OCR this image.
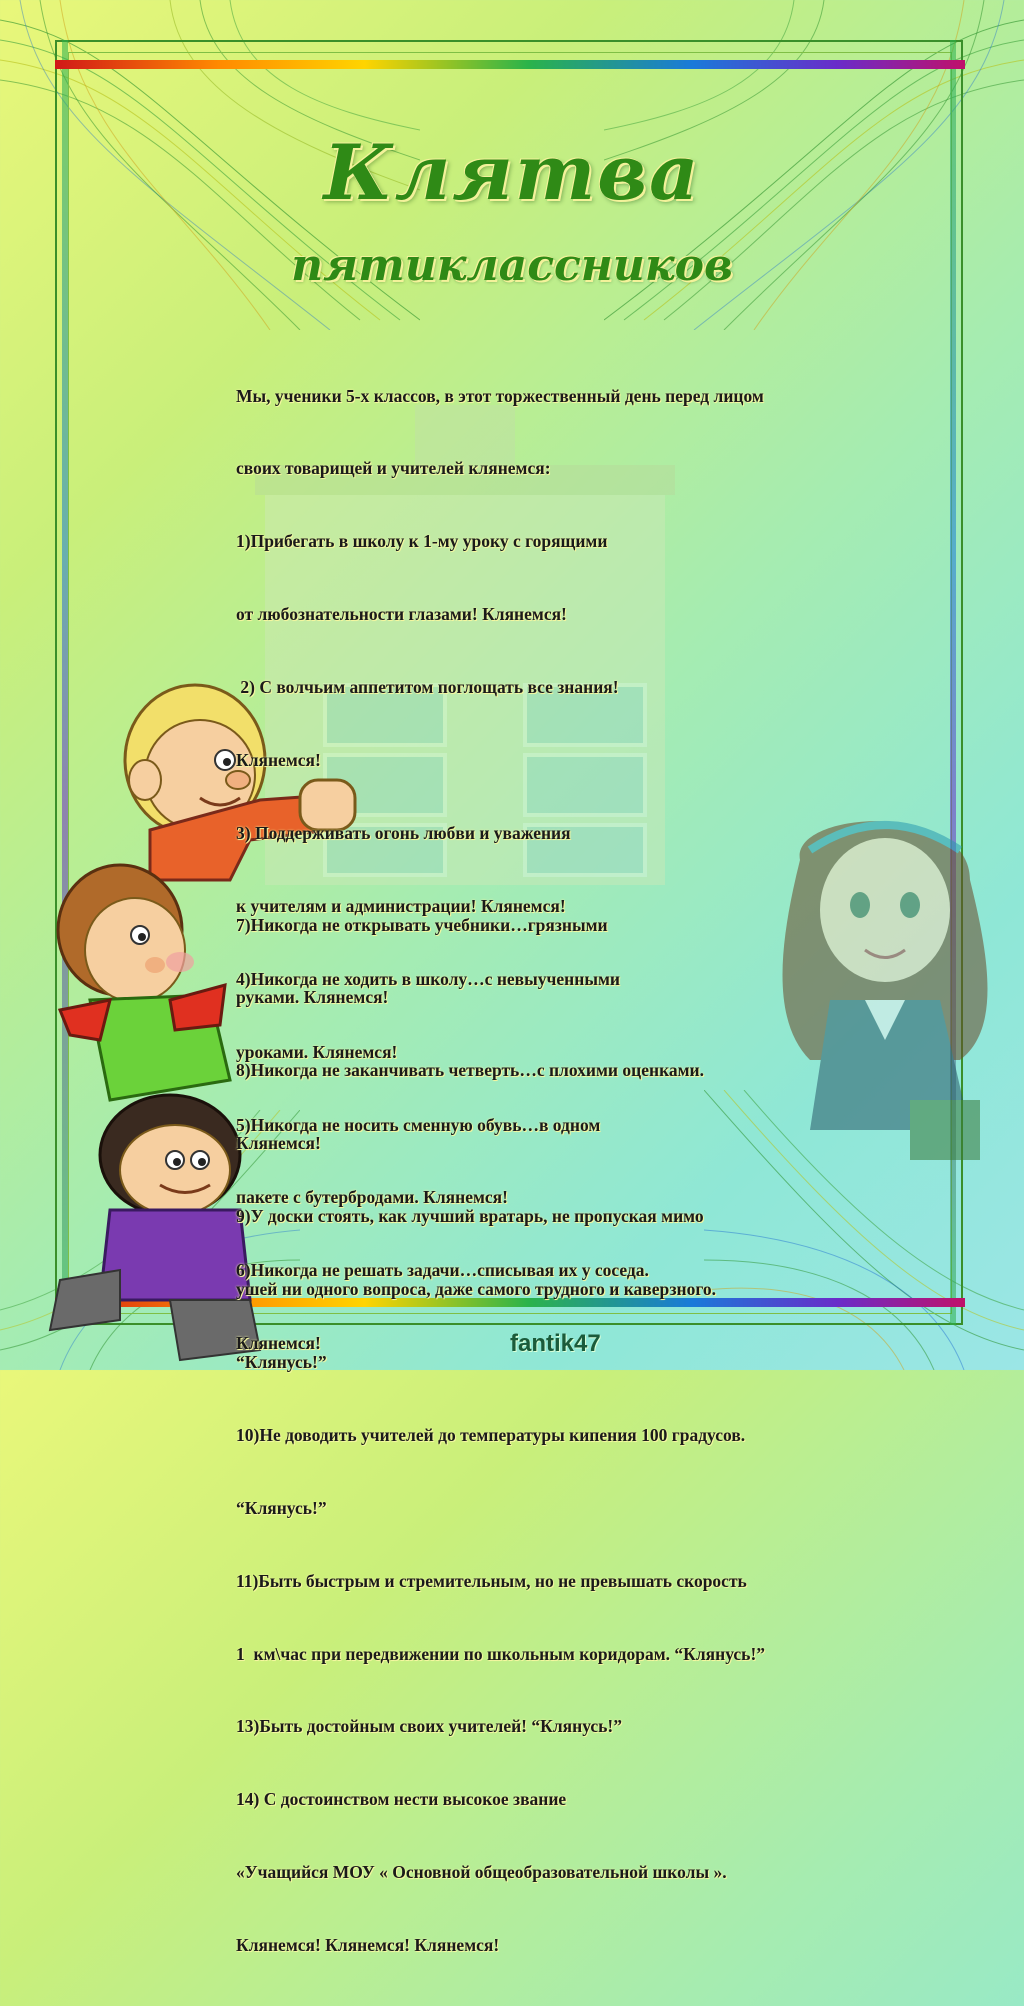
Клятва
пятиклассников

Мы, ученики 5-х классов, в этот торжественный день перед лицом

своих товарищей и учителей клянемся:

1)Прибегать в школу к 1-му уроку с горящими

от любознательности глазами! Клянемся!

2) С волчьим аппетитом поглощать все знания!

Клянемся!

3) Поддерживать огонь любви и уважения

к учителям и администрации! Клянемся!

4)Никогда не ходить в школу…с невыученными

уроками. Клянемся!

5)Никогда не носить сменную обувь…в одном

пакете с бутербродами. Клянемся!

6)Никогда не решать задачи…списывая их у соседа.

Клянемся!

7)Никогда не открывать учебники…грязными

руками. Клянемся!

8)Никогда не заканчивать четверть…с плохими оценками.

Клянемся!

9)У доски стоять, как лучший вратарь, не пропуская мимо

ушей ни одного вопроса, даже самого трудного и каверзного.

“Клянусь!”

10)Не доводить учителей до температуры кипения 100 градусов.

“Клянусь!”

11)Быть быстрым и стремительным, но не превышать скорость

1  км\час при передвижении по школьным коридорам. “Клянусь!”

13)Быть достойным своих учителей! “Клянусь!”

14) С достоинством нести высокое звание

«Учащийся МОУ « Основной общеобразовательной школы ».

Клянемся! Клянемся! Клянемся!

fantik47
